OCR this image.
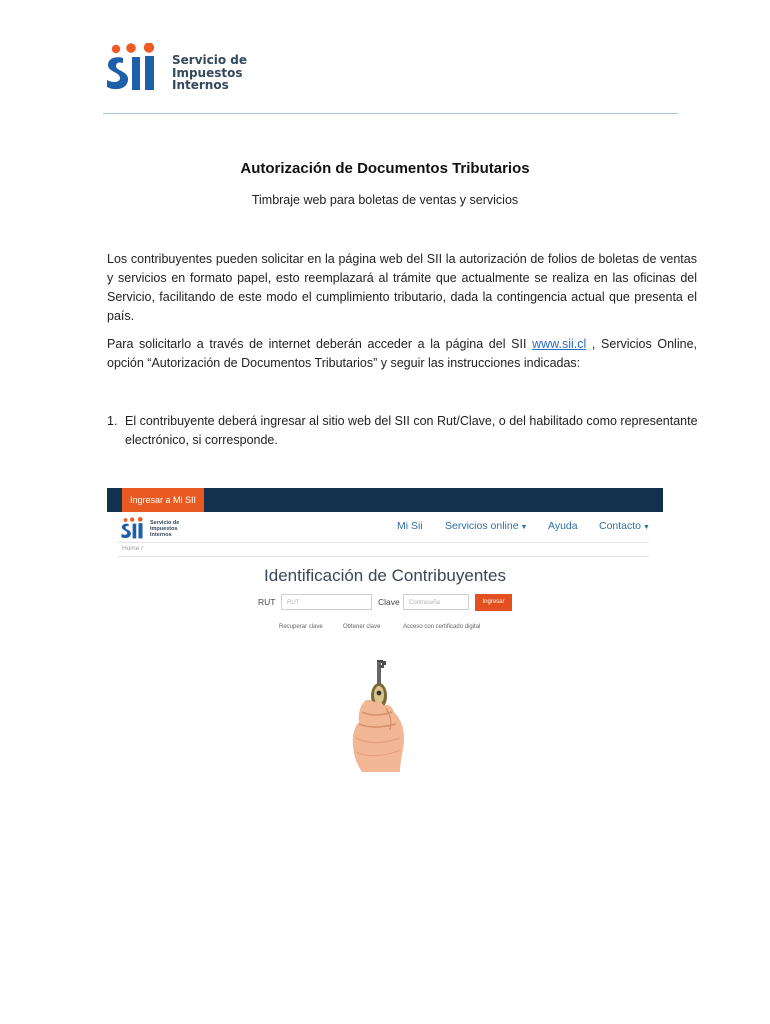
Servicio de
Impuestos
Internos
Autorización de Documentos Tributarios
Timbraje web para boletas de ventas y servicios
Los contribuyentes pueden solicitar en la página web del SII la autorización de folios de boletas de ventas y servicios en formato papel, esto reemplazará al trámite que actualmente se realiza en las oficinas del Servicio, facilitando de este modo el cumplimiento tributario, dada la contingencia actual que presenta el país.
Para solicitarlo a través de internet deberán acceder a la página del SII www.sii.cl , Servicios Online, opción “Autorización de Documentos Tributarios” y seguir las instrucciones indicadas:
1. El contribuyente deberá ingresar al sitio web del SII con Rut/Clave, o del habilitado como representante electrónico, si corresponde.
Ingresar a Mi SII
Servicio de
Impuestos
Internos
Mi Sii Servicios online ▼ Ayuda Contacto ▼
Home /
Identificación de Contribuyentes
RUT	RUT	Clave	Contraseña	Ingresar
Recuperar clave	Obtener clave	Acceso con certificado digital
